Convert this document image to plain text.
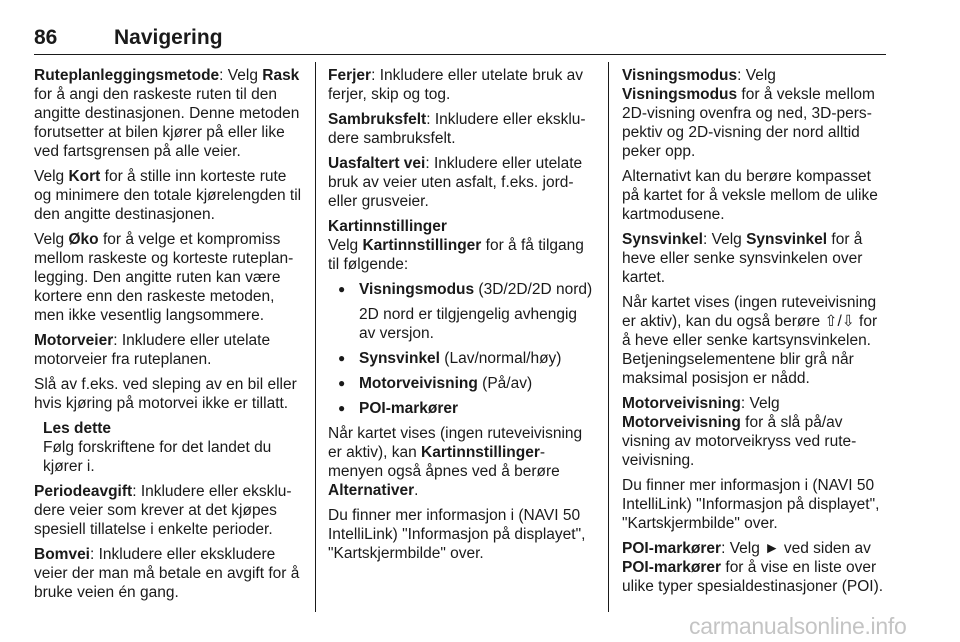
86	Navigering

Ruteplanleggingsmetode: Velg Rask for å angi den raskeste ruten til den angitte destinasjonen. Denne metoden forutsetter at bilen kjører på eller like ved fartsgrensen på alle veier.

Velg Kort for å stille inn korteste rute og minimere den totale kjørelengden til den angitte destinasjonen.

Velg Øko for å velge et kompromiss mellom raskeste og korteste ruteplanlegging. Den angitte ruten kan være kortere enn den raskeste metoden, men ikke vesentlig langsommere.

Motorveier: Inkludere eller utelate motorveier fra ruteplanen.

Slå av f.eks. ved sleping av en bil eller hvis kjøring på motorvei ikke er tillatt.

Les dette

Følg forskriftene for det landet du kjører i.

Periodeavgift: Inkludere eller ekskludere veier som krever at det kjøpes spesiell tillatelse i enkelte perioder.

Bomvei: Inkludere eller ekskludere veier der man må betale en avgift for å bruke veien én gang.

Ferjer: Inkludere eller utelate bruk av ferjer, skip og tog.

Sambruksfelt: Inkludere eller ekskludere sambruksfelt.

Uasfaltert vei: Inkludere eller utelate bruk av veier uten asfalt, f.eks. jord- eller grusveier.

Kartinnstillinger
Velg Kartinnstillinger for å få tilgang til følgende:

● Visningsmodus (3D/2D/2D nord)
2D nord er tilgjengelig avhengig av versjon.
● Synsvinkel (Lav/normal/høy)
● Motorveivisning (På/av)
● POI-markører

Når kartet vises (ingen ruteveivisning er aktiv), kan Kartinnstillinger-menyen også åpnes ved å berøre Alternativer.

Du finner mer informasjon i (NAVI 50 IntelliLink) "Informasjon på displayet", "Kartskjermbilde" over.

Visningsmodus: Velg
Visningsmodus for å veksle mellom 2D-visning ovenfra og ned, 3D-perspektiv og 2D-visning der nord alltid peker opp.

Alternativt kan du berøre kompasset på kartet for å veksle mellom de ulike kartmodusene.

Synsvinkel: Velg Synsvinkel for å heve eller senke synsvinkelen over kartet.

Når kartet vises (ingen ruteveivisning er aktiv), kan du også berøre ⇧/⇩ for å heve eller senke kartsynsvinkelen. Betjeningselementene blir grå når maksimal posisjon er nådd.

Motorveivisning: Velg
Motorveivisning for å slå på/av visning av motorveikryss ved ruteveivisning.

Du finner mer informasjon i (NAVI 50 IntelliLink) "Informasjon på displayet", "Kartskjermbilde" over.

POI-markører: Velg ► ved siden av
POI-markører for å vise en liste over ulike typer spesialdestinasjoner (POI).

carmanualsonline.info
